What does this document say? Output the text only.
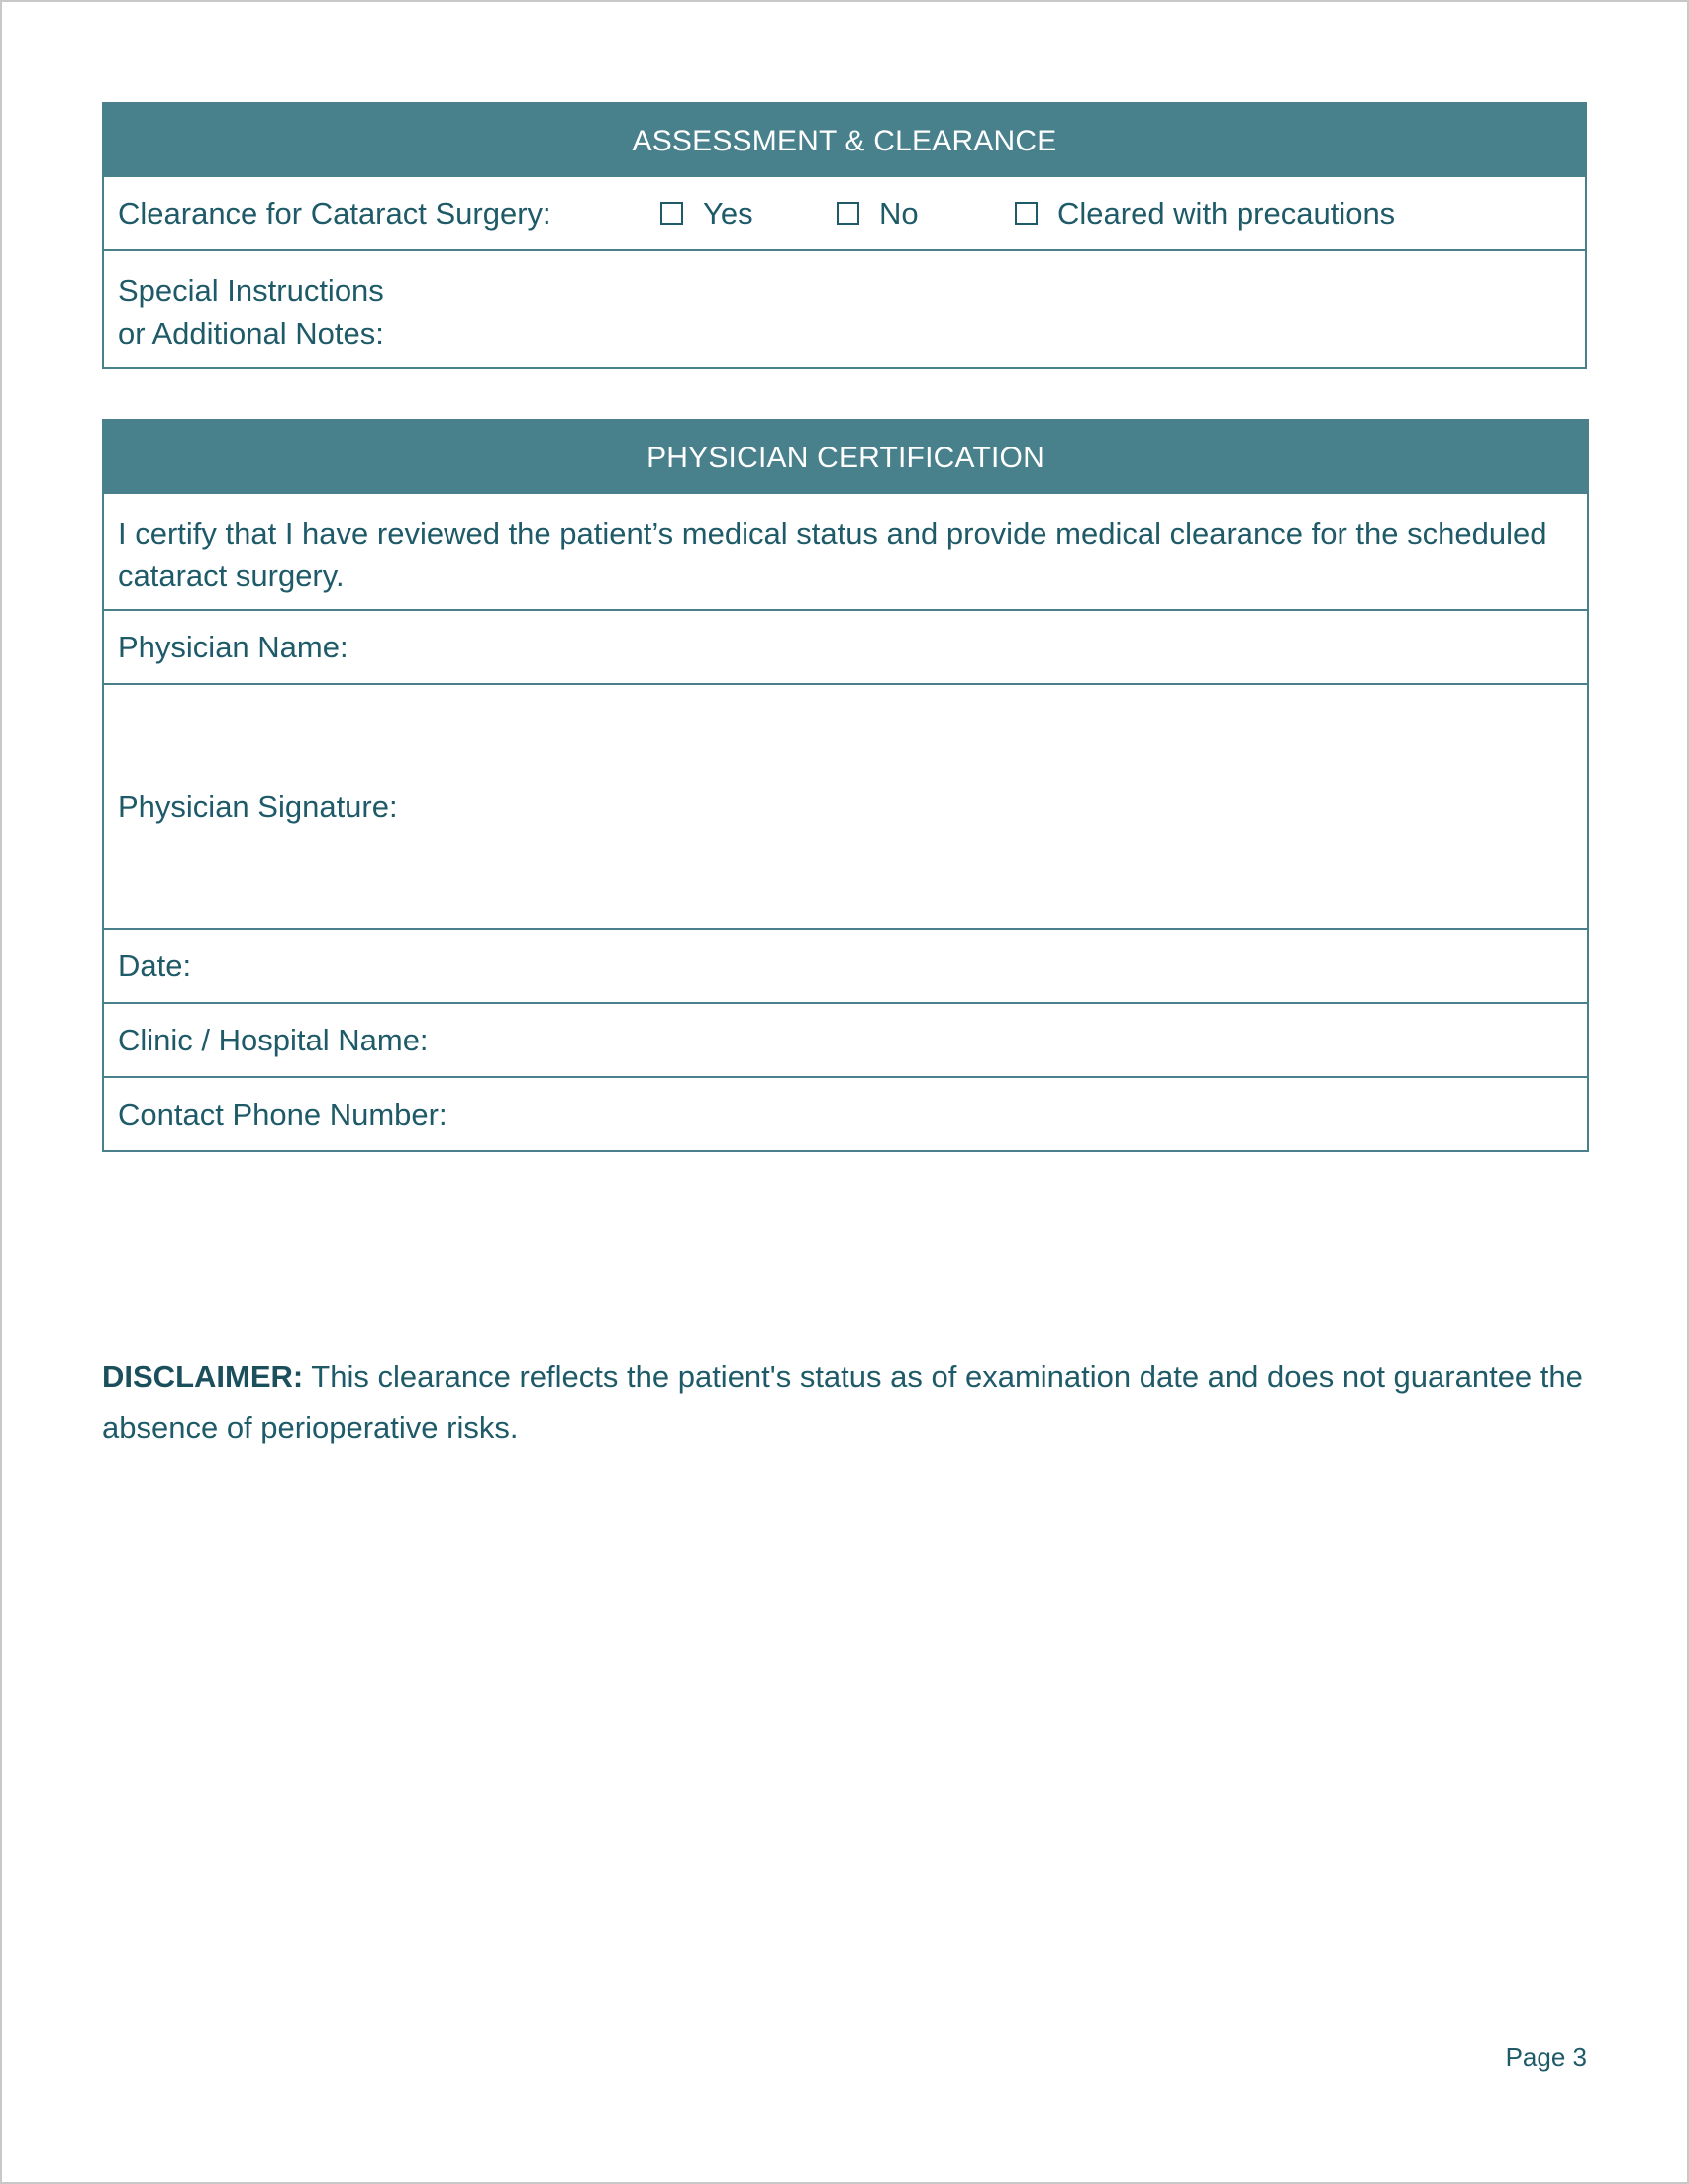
ASSESSMENT & CLEARANCE
Clearance for Cataract Surgery:	Yes	No	Cleared with precautions
Special Instructions
or Additional Notes:
PHYSICIAN CERTIFICATION
I certify that I have reviewed the patient’s medical status and provide medical clearance for the scheduled cataract surgery.
Physician Name:
Physician Signature:
Date:
Clinic / Hospital Name:
Contact Phone Number:
DISCLAIMER: This clearance reflects the patient's status as of examination date and does not guarantee the absence of perioperative risks.
Page 3
